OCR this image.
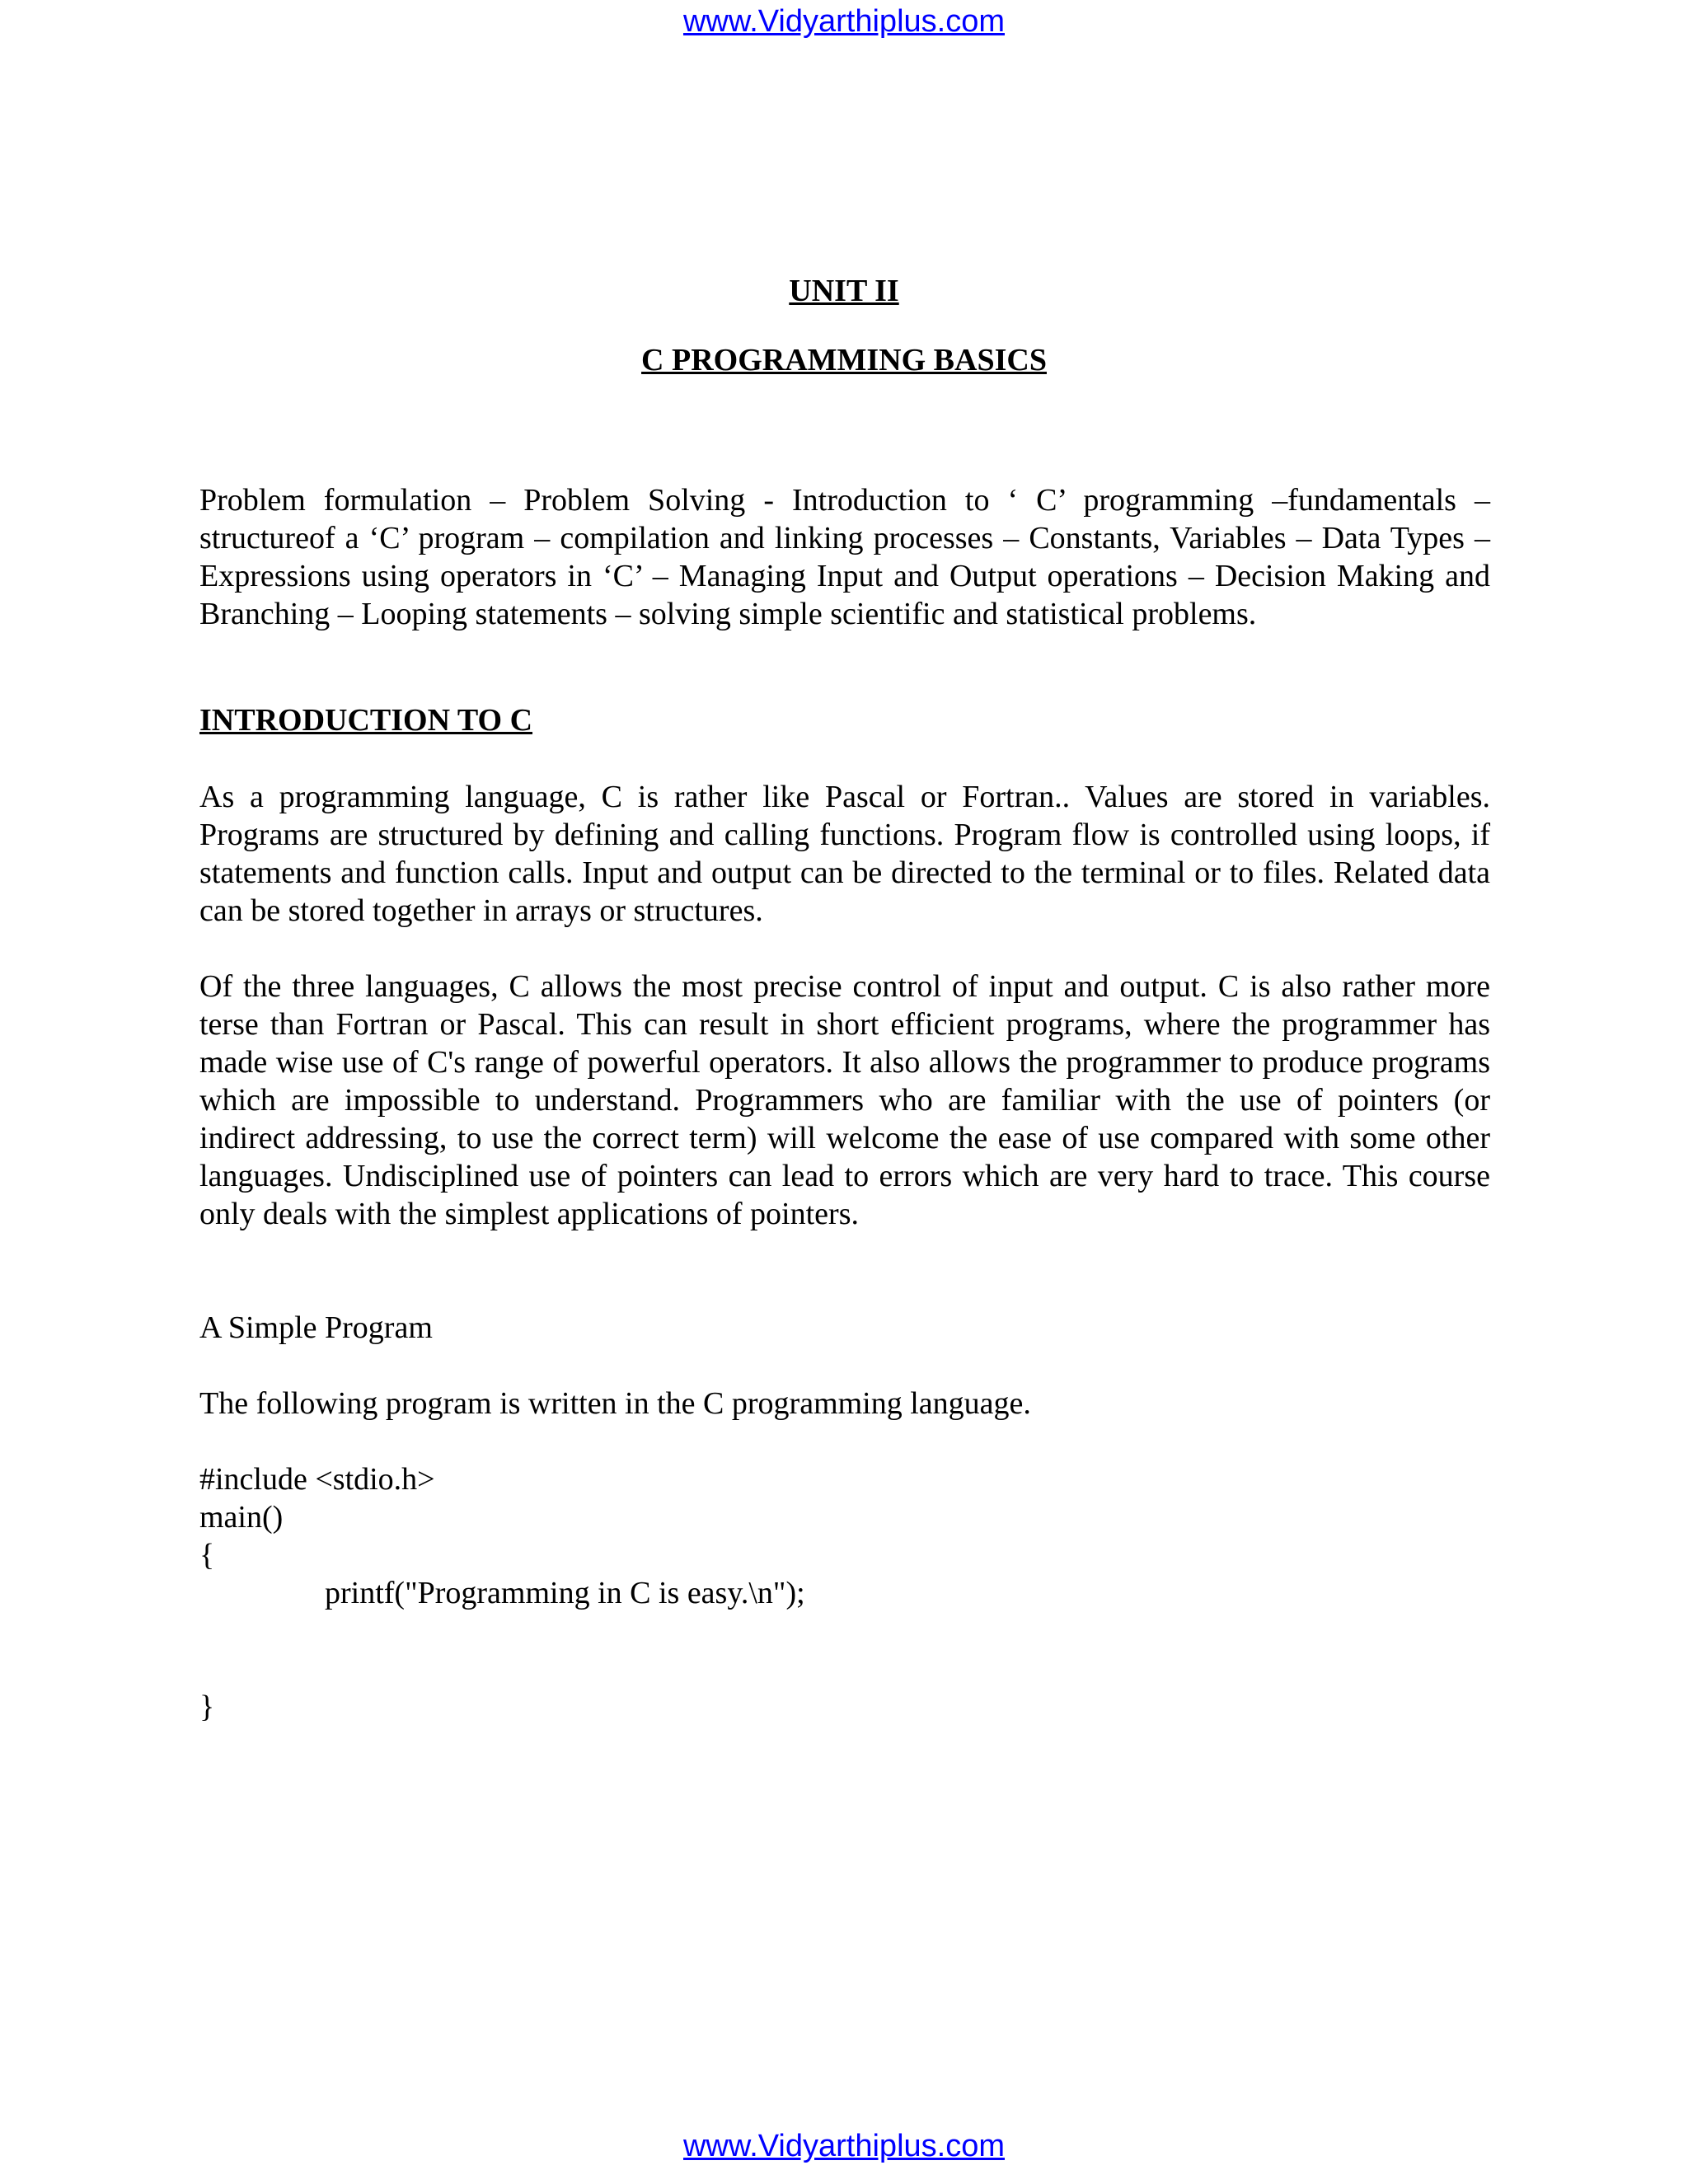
www.Vidyarthiplus.com
UNIT II
C PROGRAMMING BASICS

Problem formulation – Problem Solving - Introduction to ‘ C’ programming –fundamentals – structureof a ‘C’ program – compilation and linking processes – Constants, Variables – Data Types –Expressions using operators in ‘C’ – Managing Input and Output operations – Decision Making and Branching – Looping statements – solving simple scientific and statistical problems.

INTRODUCTION TO C

As a programming language, C is rather like Pascal or Fortran.. Values are stored in variables. Programs are structured by defining and calling functions. Program flow is controlled using loops, if statements and function calls. Input and output can be directed to the terminal or to files. Related data can be stored together in arrays or structures.

Of the three languages, C allows the most precise control of input and output. C is also rather more terse than Fortran or Pascal. This can result in short efficient programs, where the programmer has made wise use of C's range of powerful operators. It also allows the programmer to produce programs which are impossible to understand. Programmers who are familiar with the use of pointers (or indirect addressing, to use the correct term) will welcome the ease of use compared with some other languages. Undisciplined use of pointers can lead to errors which are very hard to trace. This course only deals with the simplest applications of pointers.

A Simple Program
The following program is written in the C programming language.
#include <stdio.h>
main()
{
printf("Programming in C is easy.\n");
}
www.Vidyarthiplus.com
